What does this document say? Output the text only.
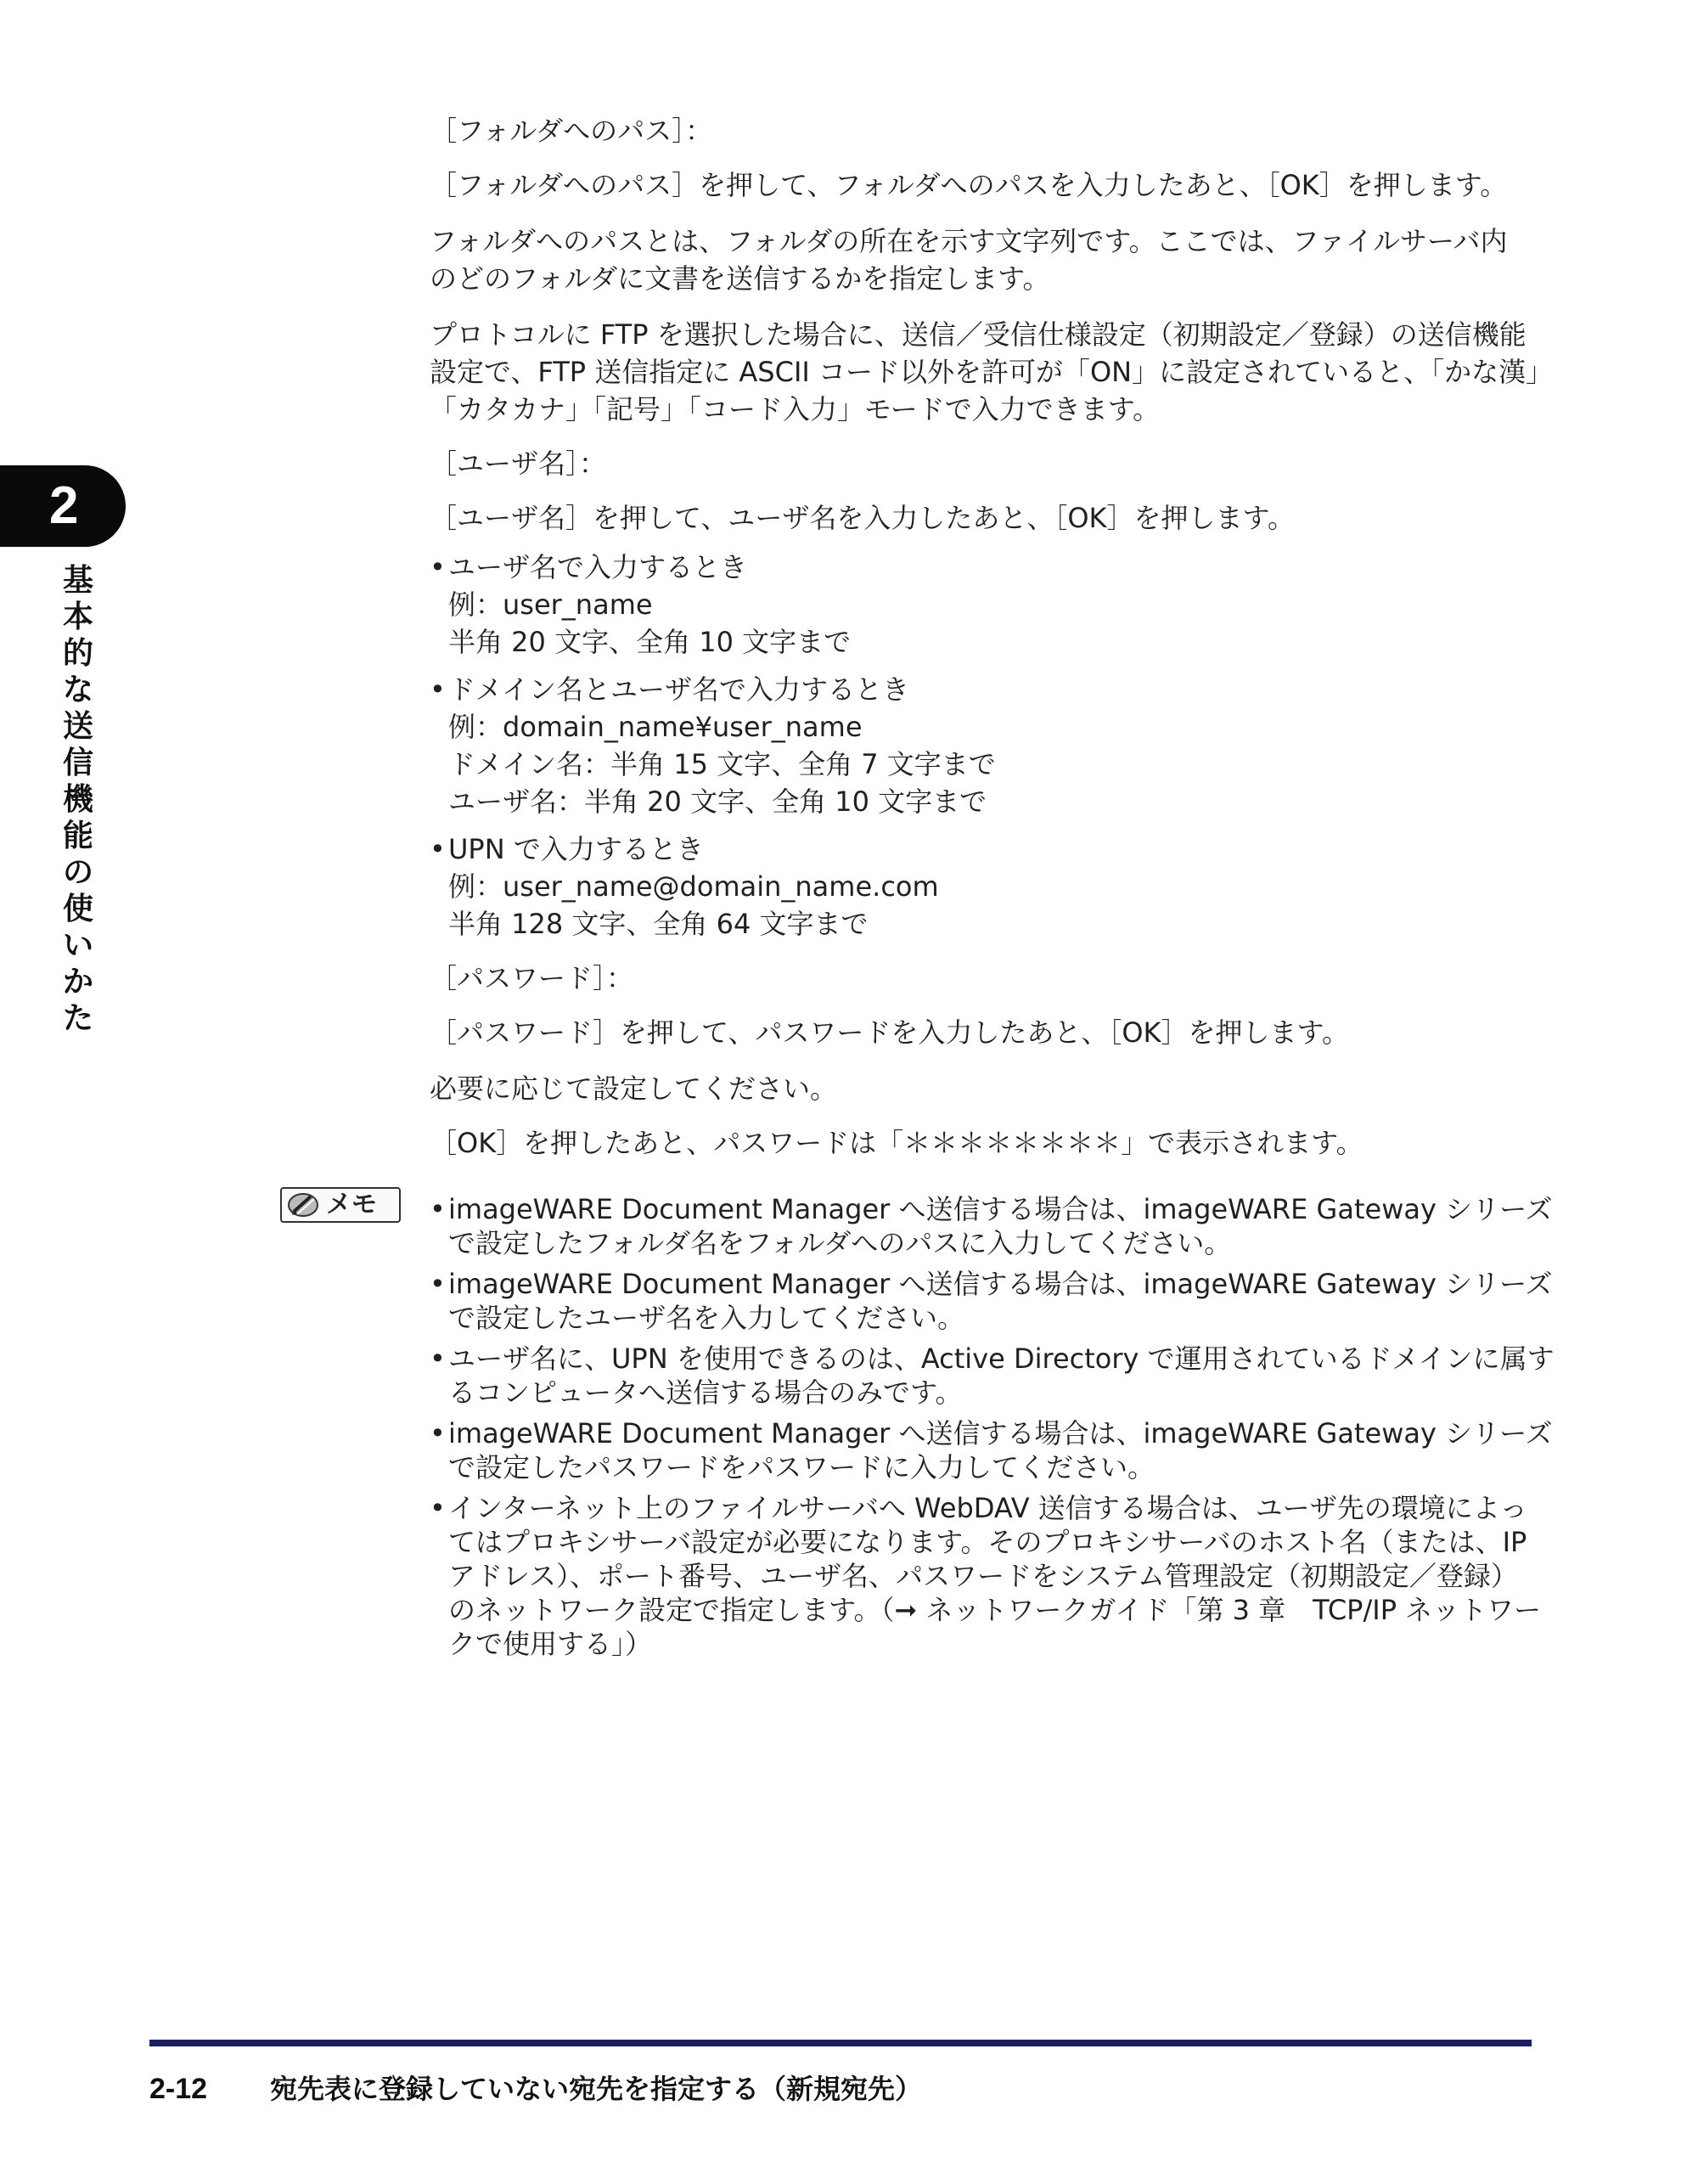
2
基
本
的
な
送
信
機
能
の
使
い
か
た
［フォルダへのパス］：
［フォルダへのパス］を押して、フォルダへのパスを入力したあと、［OK］を押します。
フォルダへのパスとは、フォルダの所在を示す文字列です。ここでは、ファイルサーバ内
のどのフォルダに文書を送信するかを指定します。
プロトコルに FTP を選択した場合に、送信／受信仕様設定（初期設定／登録）の送信機能
設定で、FTP 送信指定に ASCII コード以外を許可が「ON」に設定されていると、「かな漢」
「カタカナ」「記号」「コード入力」モードで入力できます。
［ユーザ名］：
［ユーザ名］を押して、ユーザ名を入力したあと、［OK］を押します。
• ユーザ名で入力するとき
例：user_name
半角 20 文字、全角 10 文字まで
• ドメイン名とユーザ名で入力するとき
例：domain_name¥user_name
ドメイン名：半角 15 文字、全角 7 文字まで
ユーザ名：半角 20 文字、全角 10 文字まで
• UPN で入力するとき
例：user_name@domain_name.com
半角 128 文字、全角 64 文字まで
［パスワード］：
［パスワード］を押して、パスワードを入力したあと、［OK］を押します。
必要に応じて設定してください。
［OK］を押したあと、パスワードは「＊＊＊＊＊＊＊＊」で表示されます。
• imageWARE Document Manager へ送信する場合は、imageWARE Gateway シリーズ
で設定したフォルダ名をフォルダへのパスに入力してください。
• imageWARE Document Manager へ送信する場合は、imageWARE Gateway シリーズ
で設定したユーザ名を入力してください。
• ユーザ名に、UPN を使用できるのは、Active Directory で運用されているドメインに属す
るコンピュータへ送信する場合のみです。
• imageWARE Document Manager へ送信する場合は、imageWARE Gateway シリーズ
で設定したパスワードをパスワードに入力してください。
• インターネット上のファイルサーバへ WebDAV 送信する場合は、ユーザ先の環境によっ
てはプロキシサーバ設定が必要になります。そのプロキシサーバのホスト名（または、IP
アドレス）、ポート番号、ユーザ名、パスワードをシステム管理設定（初期設定／登録）
のネットワーク設定で指定します。（➞ ネットワークガイド「第 3 章　TCP/IP ネットワー
クで使用する」）
メモ
2-12 宛先表に登録していない宛先を指定する（新規宛先）
